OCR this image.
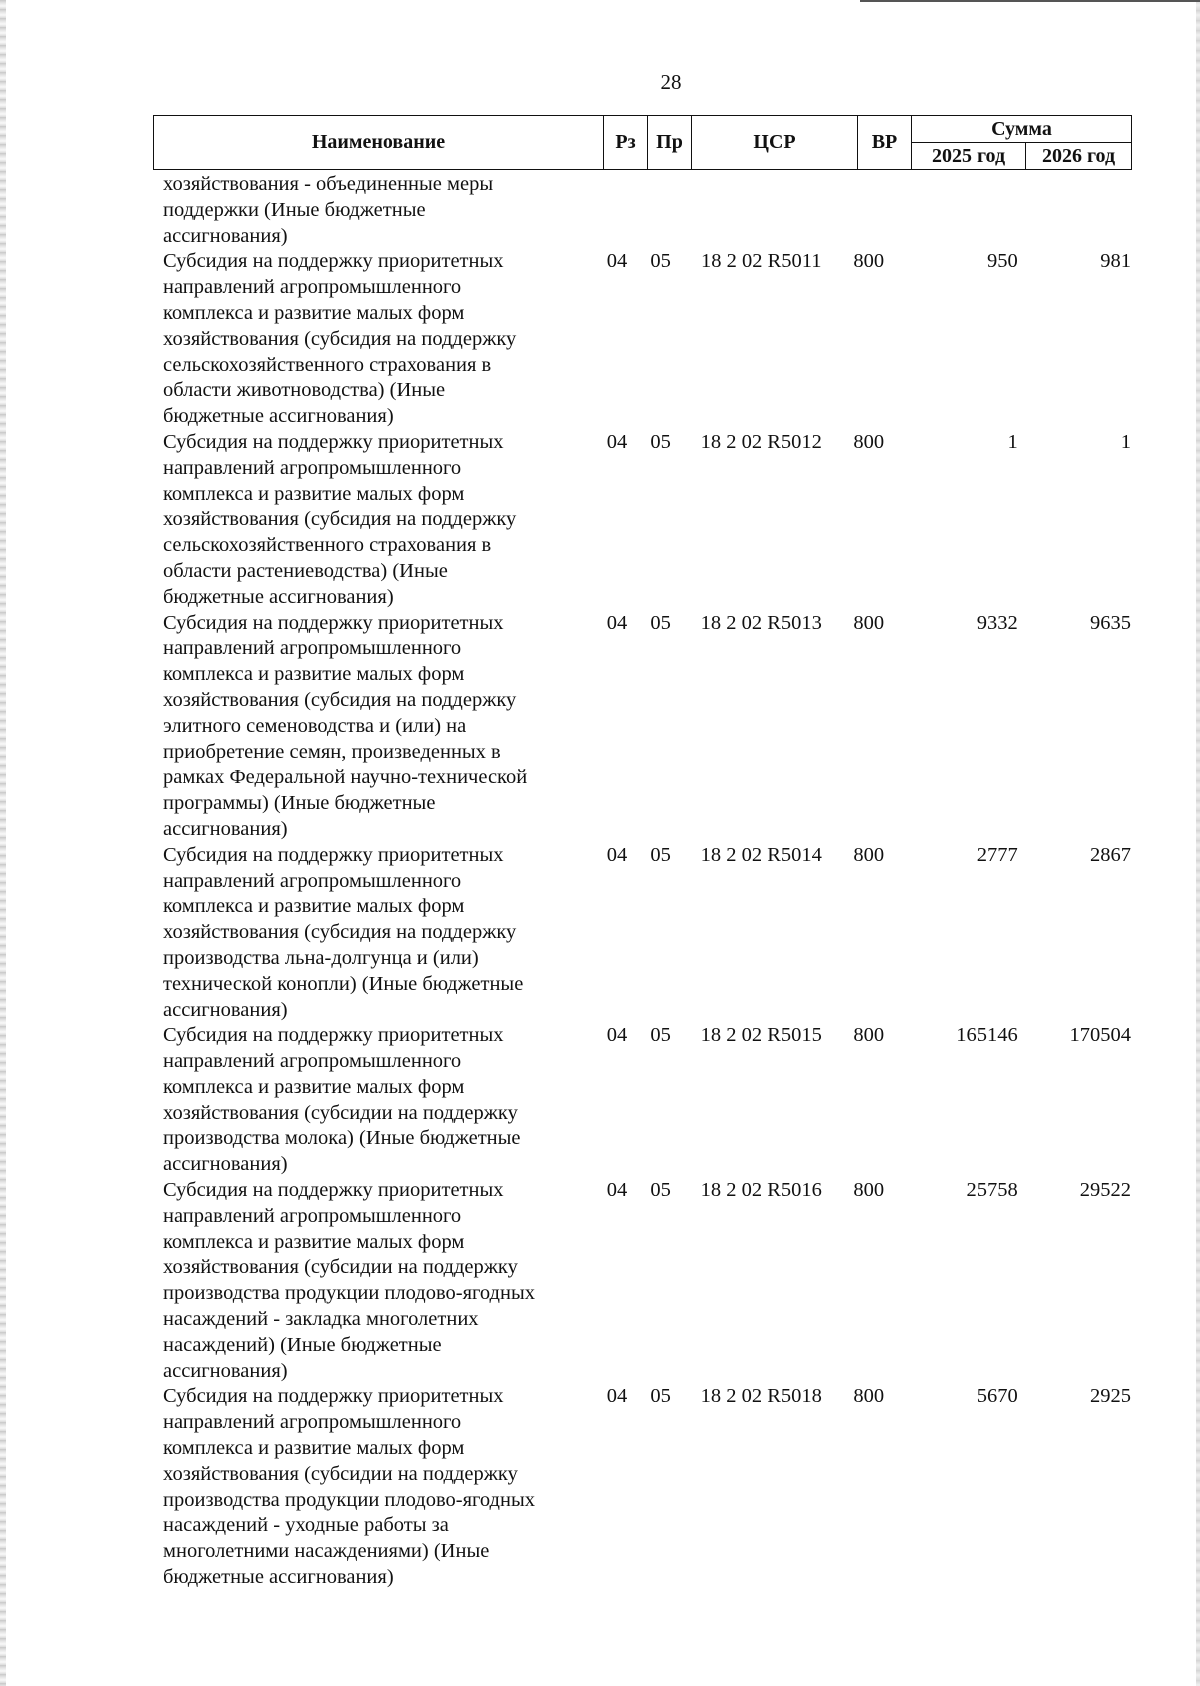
28
Наименование	Рз	Пр	ЦСР	ВР	Сумма	
					2025 год	2026 год
хозяйствования - объединенные меры
поддержки (Иные бюджетные
ассигнования)
Субсидия на поддержку приоритетных
направлений агропромышленного
комплекса и развитие малых форм
хозяйствования (субсидия на поддержку
сельскохозяйственного страхования в
области животноводства) (Иные
бюджетные ассигнования)
04	05	18 2 02 R5011	800	950	981
Субсидия на поддержку приоритетных
направлений агропромышленного
комплекса и развитие малых форм
хозяйствования (субсидия на поддержку
сельскохозяйственного страхования в
области растениеводства) (Иные
бюджетные ассигнования)
04	05	18 2 02 R5012	800	1	1
Субсидия на поддержку приоритетных
направлений агропромышленного
комплекса и развитие малых форм
хозяйствования (субсидия на поддержку
элитного семеноводства и (или) на
приобретение семян, произведенных в
рамках Федеральной научно-технической
программы) (Иные бюджетные
ассигнования)
04	05	18 2 02 R5013	800	9332	9635
Субсидия на поддержку приоритетных
направлений агропромышленного
комплекса и развитие малых форм
хозяйствования (субсидия на поддержку
производства льна-долгунца и (или)
технической конопли) (Иные бюджетные
ассигнования)
04	05	18 2 02 R5014	800	2777	2867
Субсидия на поддержку приоритетных
направлений агропромышленного
комплекса и развитие малых форм
хозяйствования (субсидии на поддержку
производства молока) (Иные бюджетные
ассигнования)
04	05	18 2 02 R5015	800	165146	170504
Субсидия на поддержку приоритетных
направлений агропромышленного
комплекса и развитие малых форм
хозяйствования (субсидии на поддержку
производства продукции плодово-ягодных
насаждений - закладка многолетних
насаждений) (Иные бюджетные
ассигнования)
04	05	18 2 02 R5016	800	25758	29522
Субсидия на поддержку приоритетных
направлений агропромышленного
комплекса и развитие малых форм
хозяйствования (субсидии на поддержку
производства продукции плодово-ягодных
насаждений - уходные работы за
многолетними насаждениями) (Иные
бюджетные ассигнования)
04	05	18 2 02 R5018	800	5670	2925
